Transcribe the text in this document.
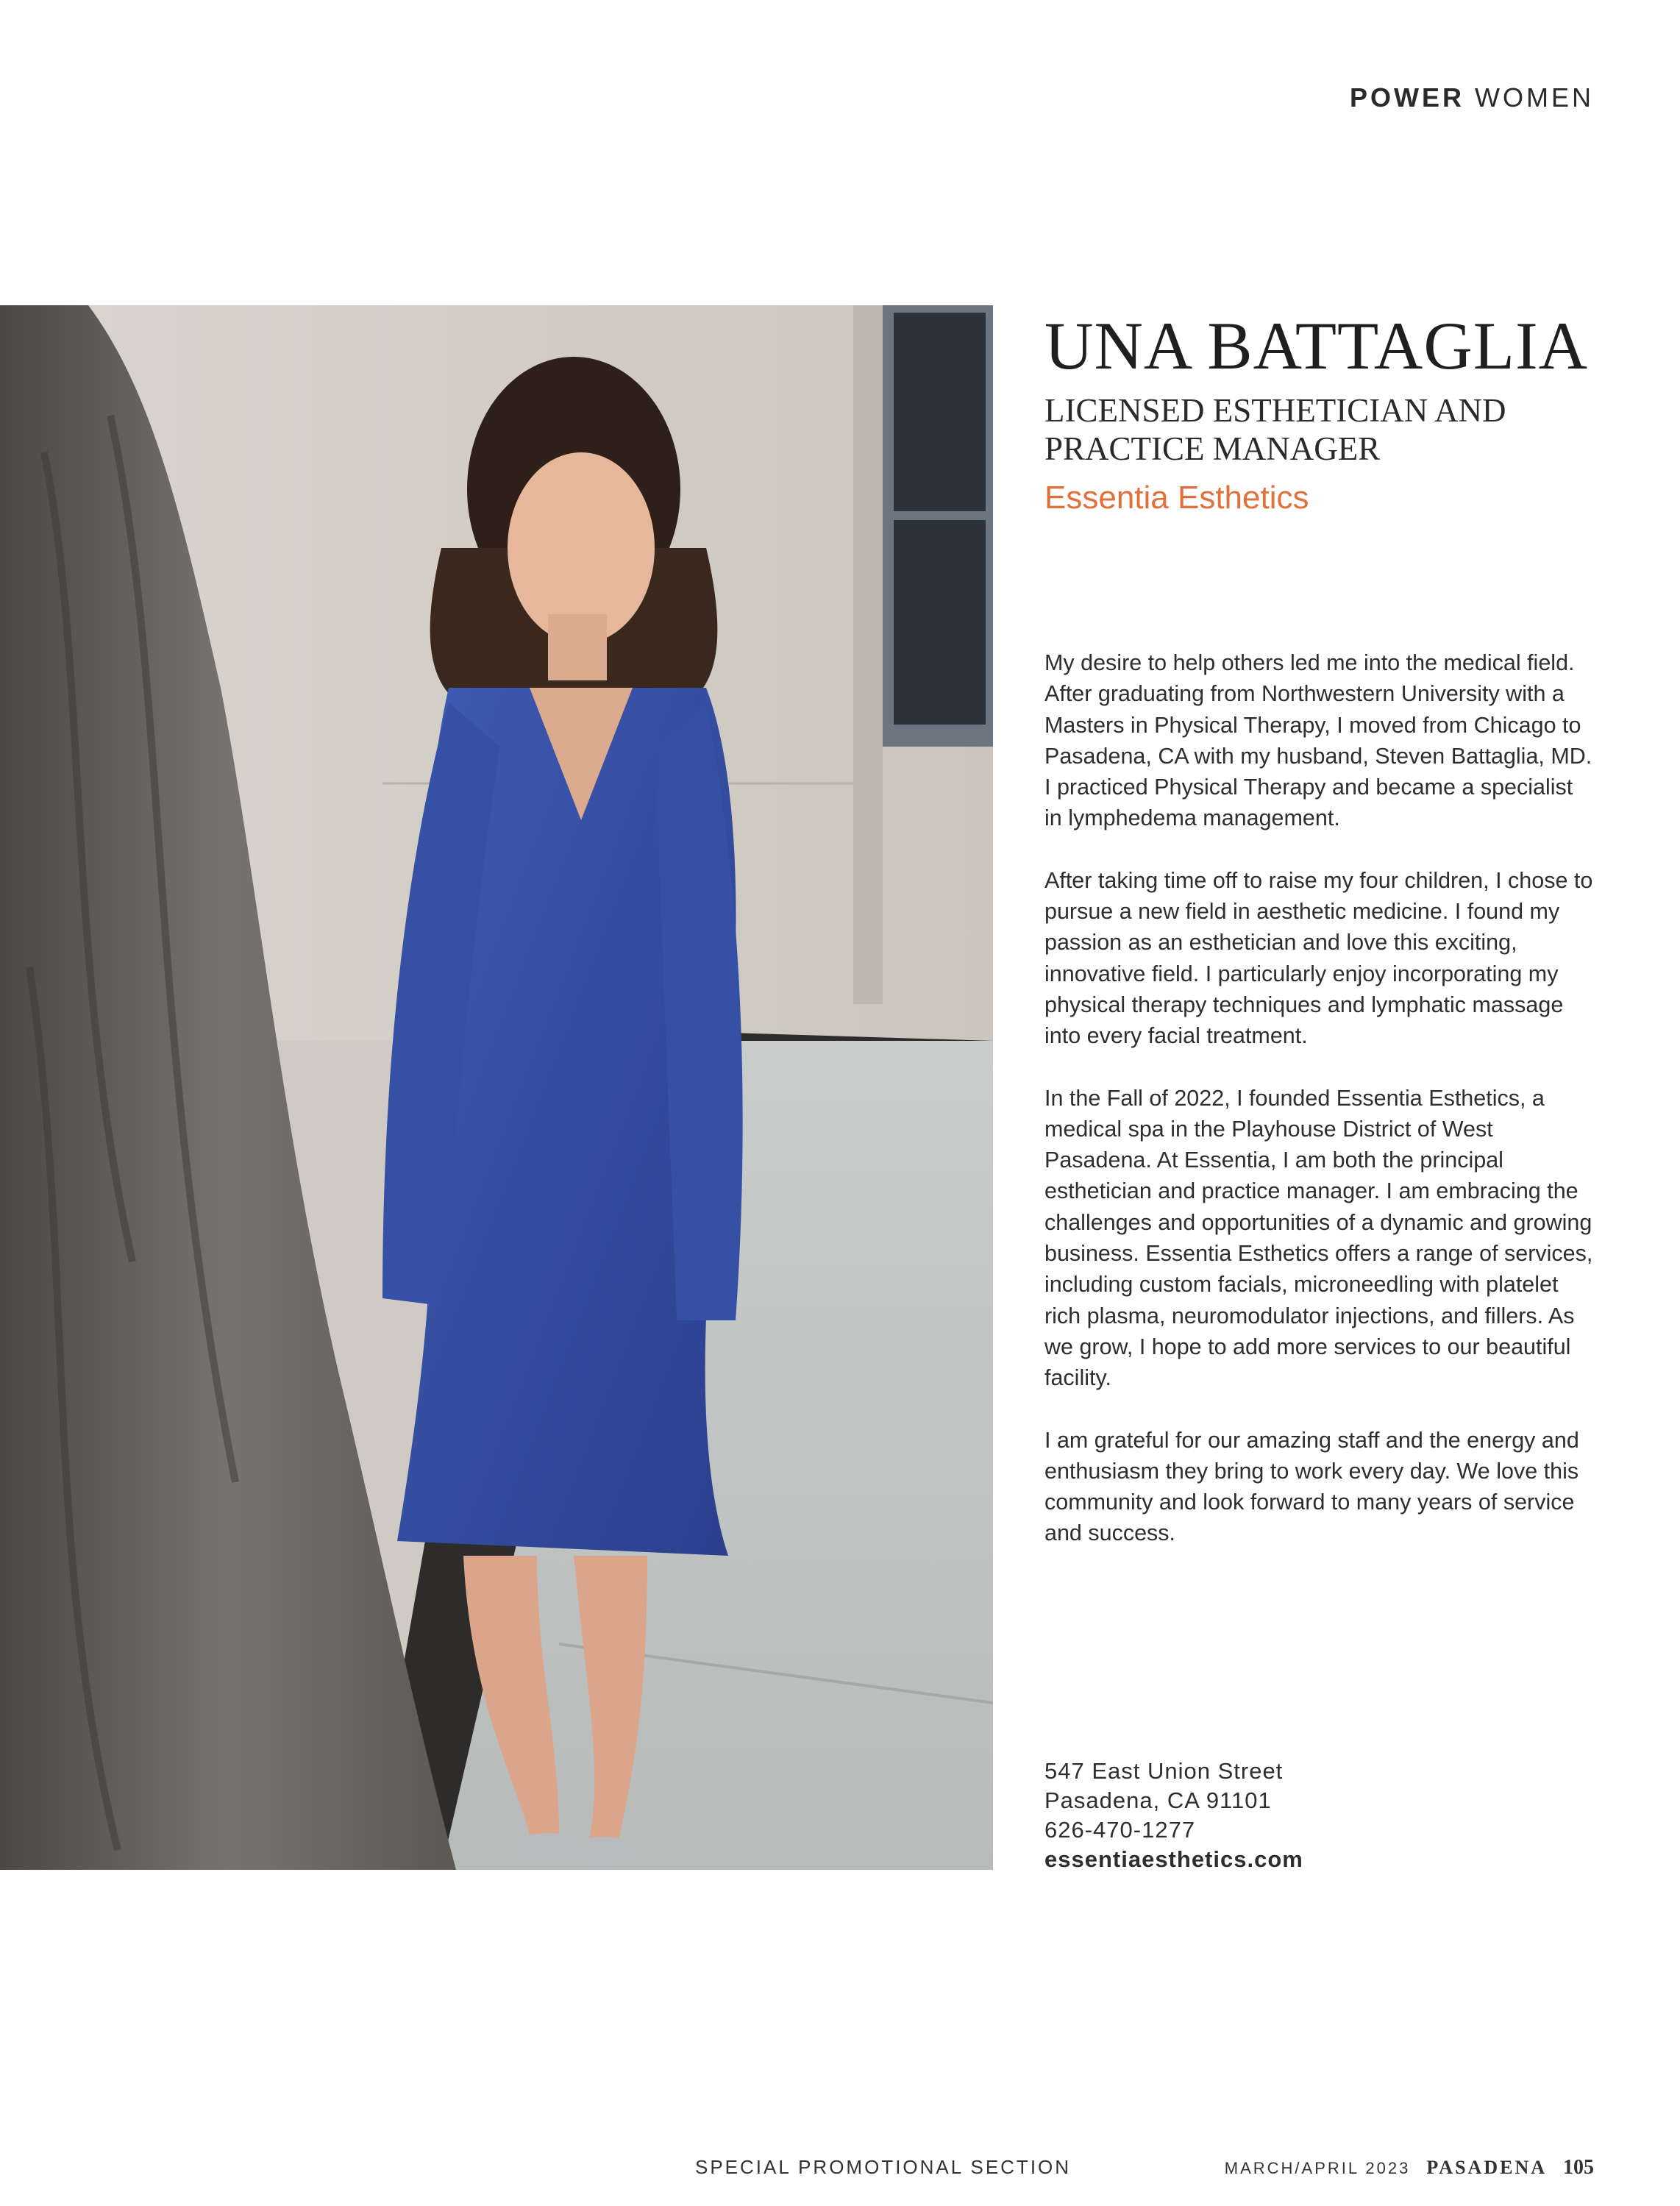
POWER WOMEN
UNA BATTAGLIA
LICENSED ESTHETICIAN AND
PRACTICE MANAGER
Essentia Esthetics

My desire to help others led me into the medical field. After graduating from Northwestern University with a Masters in Physical Therapy, I moved from Chicago to Pasadena, CA with my husband, Steven Battaglia, MD. I practiced Physical Therapy and became a specialist in lymphedema management.

After taking time off to raise my four children, I chose to pursue a new field in aesthetic medicine. I found my passion as an esthetician and love this exciting, innovative field. I particularly enjoy incorporating my physical therapy techniques and lymphatic massage into every facial treatment.

In the Fall of 2022, I founded Essentia Esthetics, a medical spa in the Playhouse District of West Pasadena. At Essentia, I am both the principal esthetician and practice manager. I am embracing the challenges and opportunities of a dynamic and growing business. Essentia Esthetics offers a range of services, including custom facials, microneedling with platelet rich plasma, neuromodulator injections, and fillers. As we grow, I hope to add more services to our beautiful facility.

I am grateful for our amazing staff and the energy and enthusiasm they bring to work every day. We love this community and look forward to many years of service and success.

547 East Union Street
Pasadena, CA 91101
626-470-1277
essentiaesthetics.com
SPECIAL PROMOTIONAL SECTION	MARCH/APRIL 2023 PASADENA 105
